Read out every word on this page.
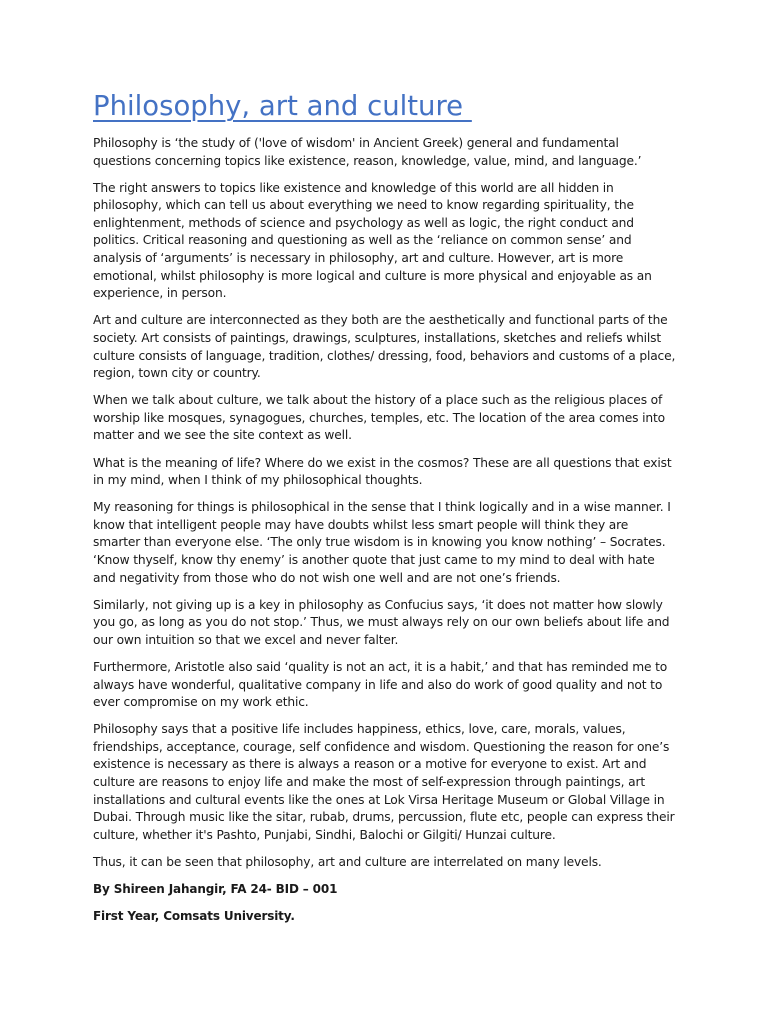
Philosophy, art and culture

Philosophy is ‘the study of ('love of wisdom' in Ancient Greek) general and fundamental questions concerning topics like existence, reason, knowledge, value, mind, and language.’

The right answers to topics like existence and knowledge of this world are all hidden in philosophy, which can tell us about everything we need to know regarding spirituality, the enlightenment, methods of science and psychology as well as logic, the right conduct and politics. Critical reasoning and questioning as well as the ‘reliance on common sense’ and analysis of ‘arguments’ is necessary in philosophy, art and culture. However, art is more emotional, whilst philosophy is more logical and culture is more physical and enjoyable as an experience, in person.

Art and culture are interconnected as they both are the aesthetically and functional parts of the society. Art consists of paintings, drawings, sculptures, installations, sketches and reliefs whilst culture consists of language, tradition, clothes/ dressing, food, behaviors and customs of a place, region, town city or country.

When we talk about culture, we talk about the history of a place such as the religious places of worship like mosques, synagogues, churches, temples, etc. The location of the area comes into matter and we see the site context as well.

What is the meaning of life? Where do we exist in the cosmos? These are all questions that exist in my mind, when I think of my philosophical thoughts.

My reasoning for things is philosophical in the sense that I think logically and in a wise manner. I know that intelligent people may have doubts whilst less smart people will think they are smarter than everyone else. ‘The only true wisdom is in knowing you know nothing’ – Socrates. ‘Know thyself, know thy enemy’ is another quote that just came to my mind to deal with hate and negativity from those who do not wish one well and are not one’s friends.

Similarly, not giving up is a key in philosophy as Confucius says, ‘it does not matter how slowly you go, as long as you do not stop.’ Thus, we must always rely on our own beliefs about life and our own intuition so that we excel and never falter.

Furthermore, Aristotle also said ‘quality is not an act, it is a habit,’ and that has reminded me to always have wonderful, qualitative company in life and also do work of good quality and not to ever compromise on my work ethic.

Philosophy says that a positive life includes happiness, ethics, love, care, morals, values, friendships, acceptance, courage, self confidence and wisdom. Questioning the reason for one’s existence is necessary as there is always a reason or a motive for everyone to exist. Art and culture are reasons to enjoy life and make the most of self-expression through paintings, art installations and cultural events like the ones at Lok Virsa Heritage Museum or Global Village in Dubai. Through music like the sitar, rubab, drums, percussion, flute etc, people can express their culture, whether it's Pashto, Punjabi, Sindhi, Balochi or Gilgiti/ Hunzai culture.

Thus, it can be seen that philosophy, art and culture are interrelated on many levels.

By Shireen Jahangir, FA 24- BID – 001

First Year, Comsats University.
